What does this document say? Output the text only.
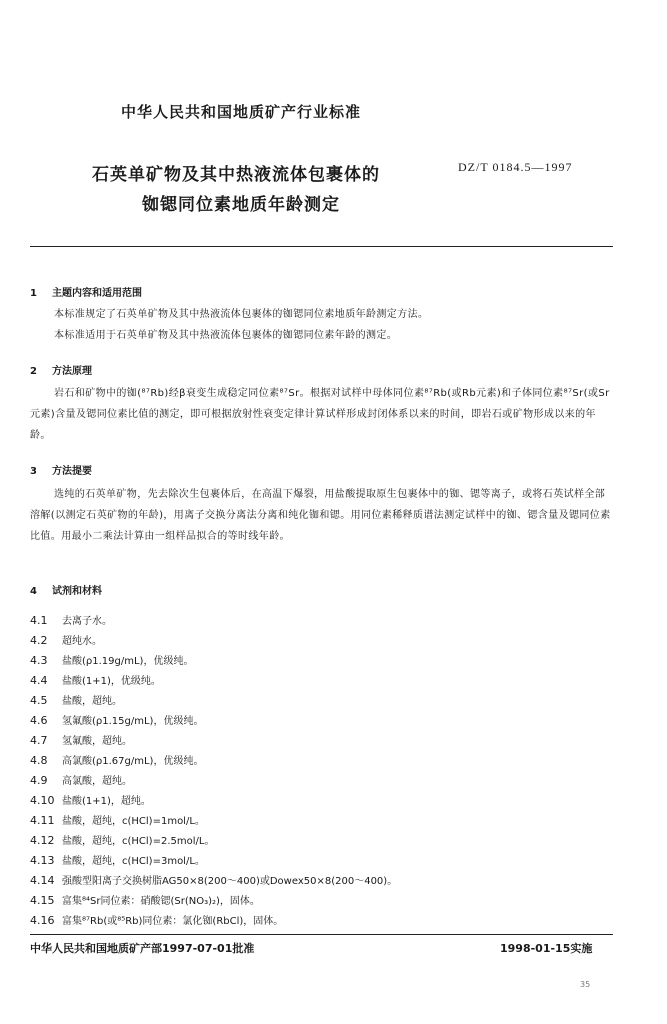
中华人民共和国地质矿产行业标准
石英单矿物及其中热液流体包裹体的
铷锶同位素地质年龄测定
DZ/T 0184.5—1997
1 主题内容和适用范围
本标准规定了石英单矿物及其中热液流体包裹体的铷锶同位素地质年龄测定方法。
本标准适用于石英单矿物及其中热液流体包裹体的铷锶同位素年龄的测定。
2 方法原理
岩石和矿物中的铷(⁸⁷Rb)经β衰变生成稳定同位素⁸⁷Sr。根据对试样中母体同位素⁸⁷Rb(或Rb元素)和子体同位素⁸⁷Sr(或Sr元素)含量及锶同位素比值的测定，即可根据放射性衰变定律计算试样形成封闭体系以来的时间，即岩石或矿物形成以来的年龄。
3 方法提要
选纯的石英单矿物，先去除次生包裹体后，在高温下爆裂，用盐酸提取原生包裹体中的铷、锶等离子，或将石英试样全部溶解(以测定石英矿物的年龄)，用离子交换分离法分离和纯化铷和锶。用同位素稀释质谱法测定试样中的铷、锶含量及锶同位素比值。用最小二乘法计算由一组样品拟合的等时线年龄。
4 试剂和材料
4.1 去离子水。
4.2 超纯水。
4.3 盐酸(ρ1.19g/mL)，优级纯。
4.4 盐酸(1+1)，优级纯。
4.5 盐酸，超纯。
4.6 氢氟酸(ρ1.15g/mL)，优级纯。
4.7 氢氟酸，超纯。
4.8 高氯酸(ρ1.67g/mL)，优级纯。
4.9 高氯酸，超纯。
4.10 盐酸(1+1)，超纯。
4.11 盐酸，超纯，c(HCl)=1mol/L。
4.12 盐酸，超纯，c(HCl)=2.5mol/L。
4.13 盐酸，超纯，c(HCl)=3mol/L。
4.14 强酸型阳离子交换树脂AG50×8(200～400)或Dowex50×8(200～400)。
4.15 富集⁸⁴Sr同位素：硝酸锶(Sr(NO₃)₂)，固体。
4.16 富集⁸⁷Rb(或⁸⁵Rb)同位素：氯化铷(RbCl)，固体。
中华人民共和国地质矿产部1997-07-01批准	1998-01-15实施
35
